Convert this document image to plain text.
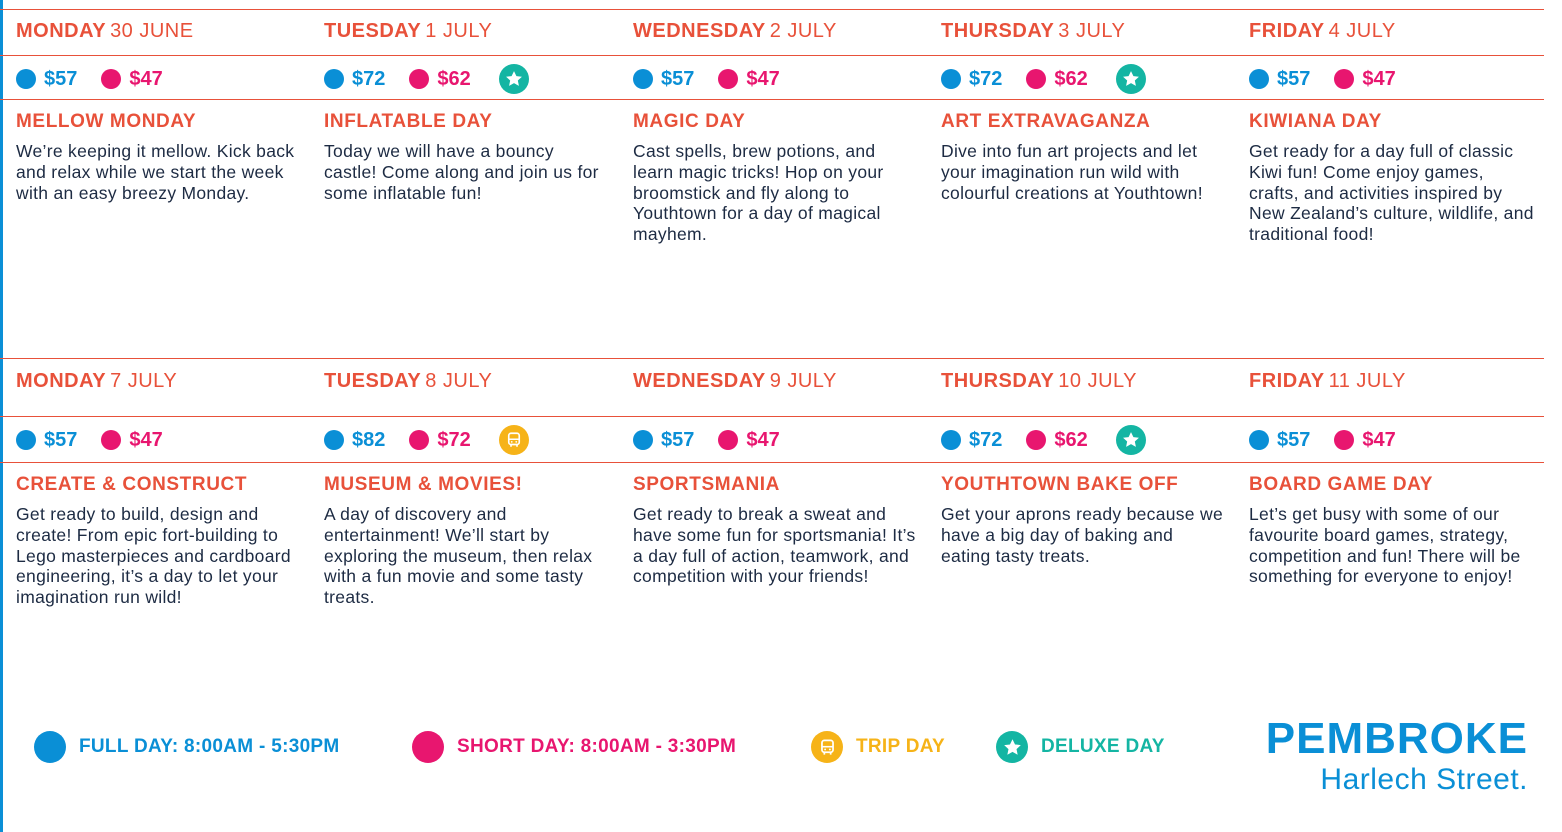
MONDAY 30 JUNE
$57	$47
MELLOW MONDAY
We’re keeping it mellow. Kick back and relax while we start the week with an easy breezy Monday.
TUESDAY 1 JULY
$72	$62
INFLATABLE DAY
Today we will have a bouncy castle! Come along and join us for some inflatable fun!
WEDNESDAY 2 JULY
$57	$47
MAGIC DAY
Cast spells, brew potions, and learn magic tricks! Hop on your broomstick and fly along to Youthtown for a day of magical mayhem.
THURSDAY 3 JULY
$72	$62
ART EXTRAVAGANZA
Dive into fun art projects and let your imagination run wild with colourful creations at Youthtown!
FRIDAY 4 JULY
$57	$47
KIWIANA DAY
Get ready for a day full of classic Kiwi fun! Come enjoy games, crafts, and activities inspired by New Zealand’s culture, wildlife, and traditional food!
MONDAY 7 JULY
$57	$47
CREATE & CONSTRUCT
Get ready to build, design and create! From epic fort-building to Lego masterpieces and cardboard engineering, it’s a day to let your imagination run wild!
TUESDAY 8 JULY
$82	$72
MUSEUM & MOVIES!
A day of discovery and entertainment! We’ll start by exploring the museum, then relax with a fun movie and some tasty treats.
WEDNESDAY 9 JULY
$57	$47
SPORTSMANIA
Get ready to break a sweat and have some fun for sportsmania! It’s a day full of action, teamwork, and competition with your friends!
THURSDAY 10 JULY
$72	$62
YOUTHTOWN BAKE OFF
Get your aprons ready because we have a big day of baking and eating tasty treats.
FRIDAY 11 JULY
$57	$47
BOARD GAME DAY
Let’s get busy with some of our favourite board games, strategy, competition and fun! There will be something for everyone to enjoy!
FULL DAY: 8:00AM - 5:30PM	SHORT DAY: 8:00AM - 3:30PM	TRIP DAY	DELUXE DAY PEMBROKE
Harlech Street.
